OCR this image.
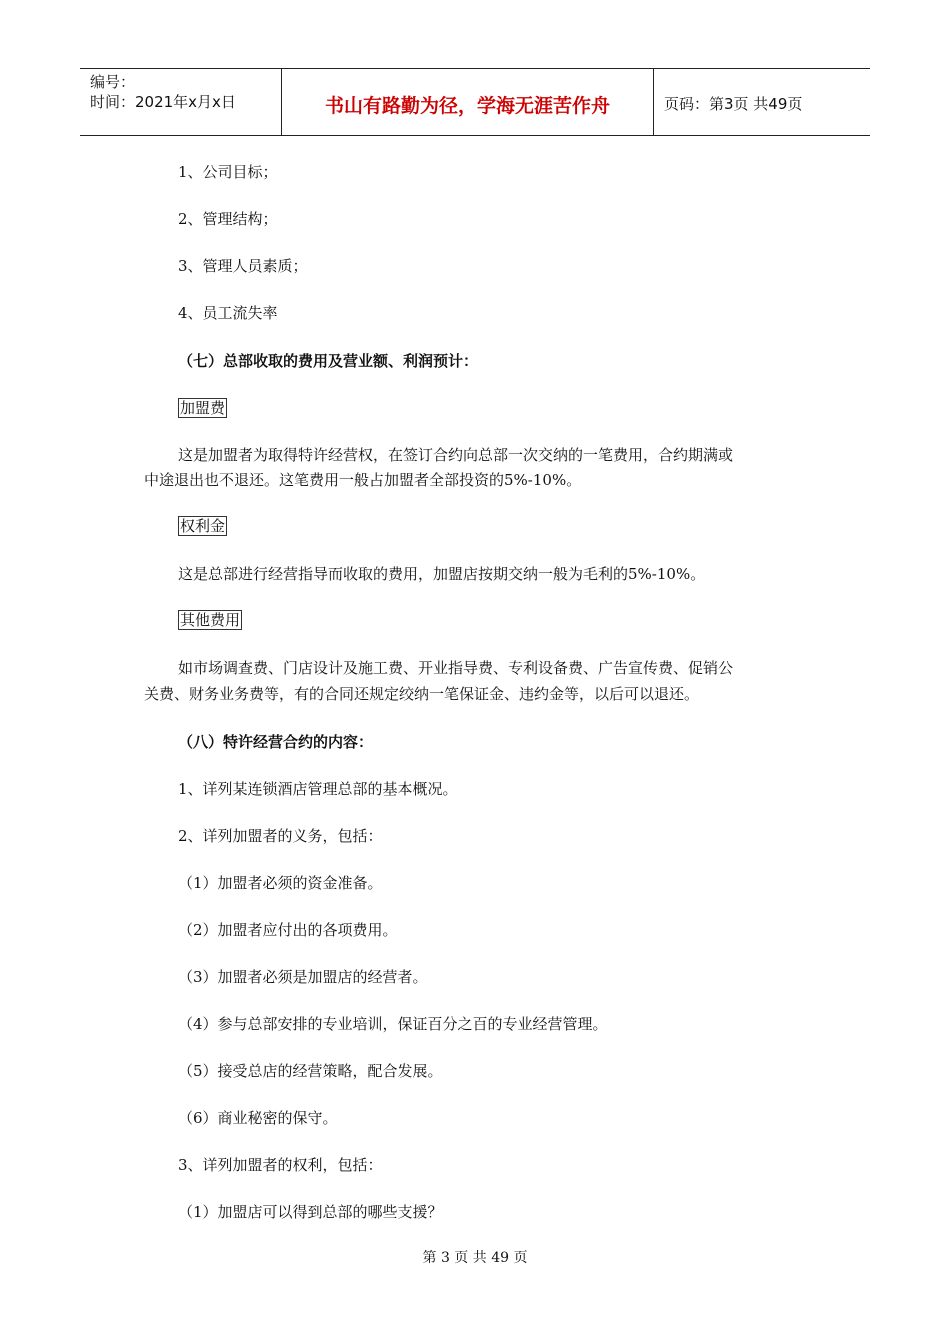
编号：
时间：2021年x月x日	书山有路勤为径，学海无涯苦作舟	页码：第3页 共49页
1、公司目标；
2、管理结构；
3、管理人员素质；
4、员工流失率
（七）总部收取的费用及营业额、利润预计：
加盟费
这是加盟者为取得特许经营权，在签订合约向总部一次交纳的一笔费用，合约期满或
中途退出也不退还。这笔费用一般占加盟者全部投资的5%-10%。
权利金
这是总部进行经营指导而收取的费用，加盟店按期交纳一般为毛利的5%-10%。
其他费用
如市场调查费、门店设计及施工费、开业指导费、专利设备费、广告宣传费、促销公
关费、财务业务费等，有的合同还规定绞纳一笔保证金、违约金等，以后可以退还。
（八）特许经营合约的内容：
1、详列某连锁酒店管理总部的基本概况。
2、详列加盟者的义务，包括：
（1）加盟者必须的资金准备。
（2）加盟者应付出的各项费用。
（3）加盟者必须是加盟店的经营者。
（4）参与总部安排的专业培训，保证百分之百的专业经营管理。
（5）接受总店的经营策略，配合发展。
（6）商业秘密的保守。
3、详列加盟者的权利，包括：
（1）加盟店可以得到总部的哪些支援？
第 3 页 共 49 页
